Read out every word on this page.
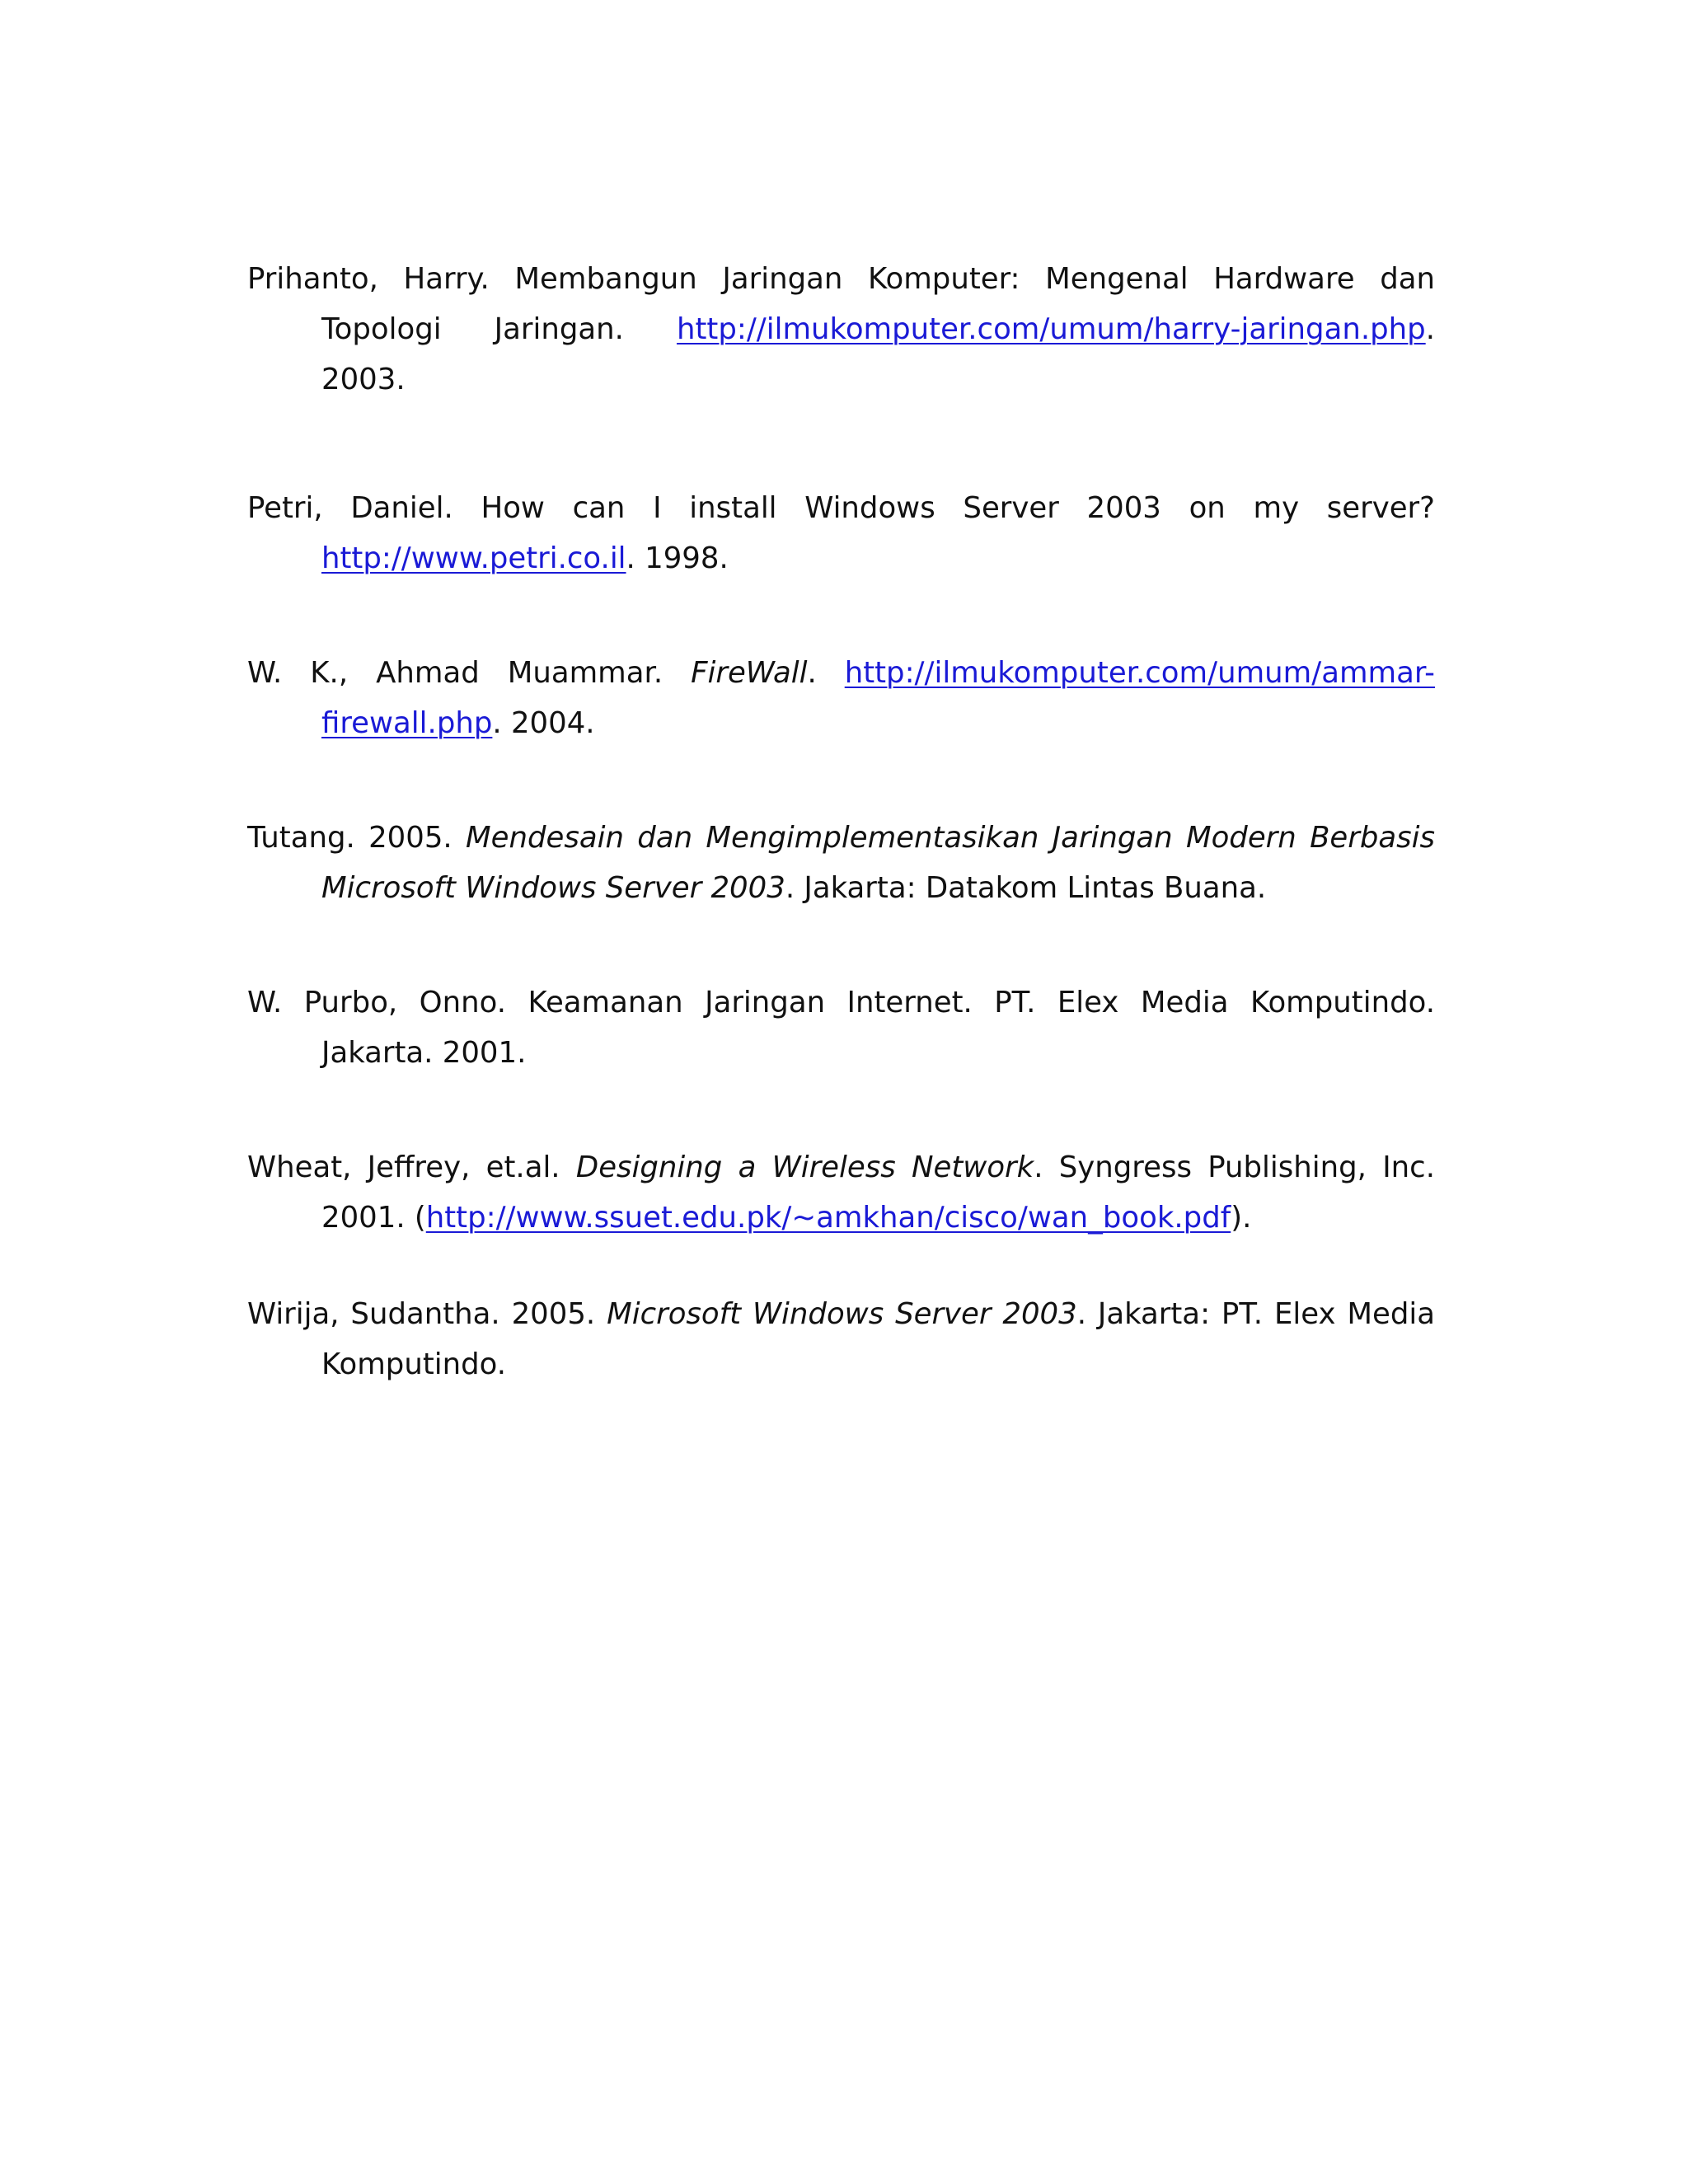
Prihanto, Harry. Membangun Jaringan Komputer: Mengenal Hardware dan Topologi Jaringan. http://ilmukomputer.com/umum/harry-jaringan.php. 2003.

Petri, Daniel. How can I install Windows Server 2003 on my server? http://www.petri.co.il. 1998.

W. K., Ahmad Muammar. FireWall. http://ilmukomputer.com/umum/ammar-firewall.php. 2004.

Tutang. 2005. Mendesain dan Mengimplementasikan Jaringan Modern Berbasis Microsoft Windows Server 2003. Jakarta: Datakom Lintas Buana.

W. Purbo, Onno. Keamanan Jaringan Internet. PT. Elex Media Komputindo. Jakarta. 2001.

Wheat, Jeffrey, et.al. Designing a Wireless Network. Syngress Publishing, Inc. 2001. (http://www.ssuet.edu.pk/~amkhan/cisco/wan_book.pdf).

Wirija, Sudantha. 2005. Microsoft Windows Server 2003. Jakarta: PT. Elex Media Komputindo.
